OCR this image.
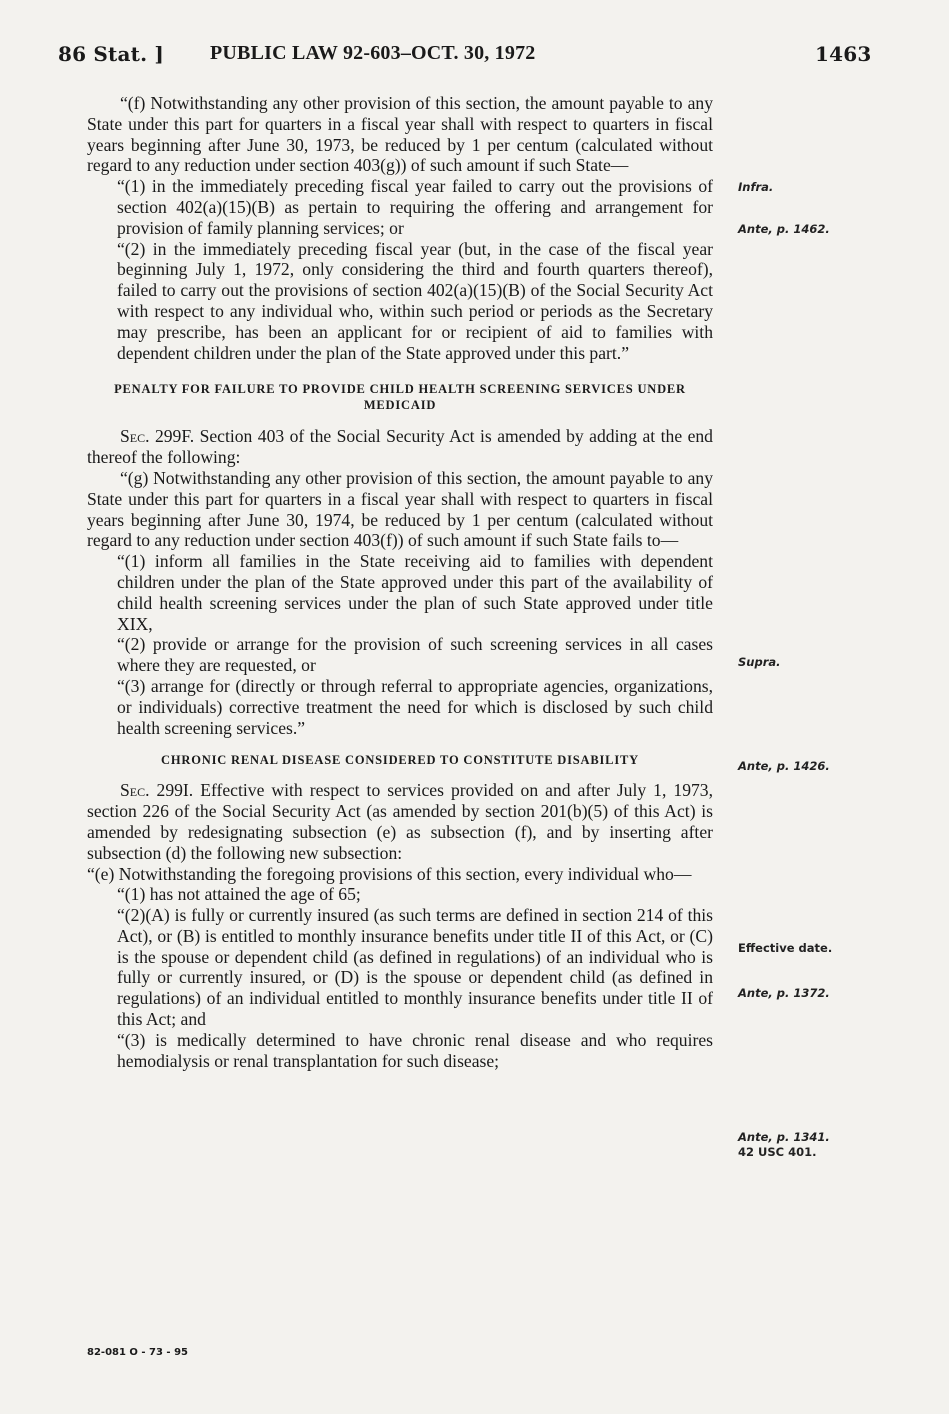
86 Stat. ] PUBLIC LAW 92-603–OCT. 30, 1972	1463

“(f) Notwithstanding any other provision of this section, the amount payable to any State under this part for quarters in a fiscal year shall with respect to quarters in fiscal years beginning after June 30, 1973, be reduced by 1 per centum (calculated without regard to any reduction under section 403(g)) of such amount if such State—

“(1) in the immediately preceding fiscal year failed to carry out the provisions of section 402(a)(15)(B) as pertain to requiring the offering and arrangement for provision of family planning services; or

“(2) in the immediately preceding fiscal year (but, in the case of the fiscal year beginning July 1, 1972, only considering the third and fourth quarters thereof), failed to carry out the provisions of section 402(a)(15)(B) of the Social Security Act with respect to any individual who, within such period or periods as the Secretary may prescribe, has been an applicant for or recipient of aid to families with dependent children under the plan of the State approved under this part.”

PENALTY FOR FAILURE TO PROVIDE CHILD HEALTH SCREENING SERVICES UNDER MEDICAID

Sec. 299F. Section 403 of the Social Security Act is amended by adding at the end thereof the following:

“(g) Notwithstanding any other provision of this section, the amount payable to any State under this part for quarters in a fiscal year shall with respect to quarters in fiscal years beginning after June 30, 1974, be reduced by 1 per centum (calculated without regard to any reduction under section 403(f)) of such amount if such State fails to—

“(1) inform all families in the State receiving aid to families with dependent children under the plan of the State approved under this part of the availability of child health screening services under the plan of such State approved under title XIX,

“(2) provide or arrange for the provision of such screening services in all cases where they are requested, or

“(3) arrange for (directly or through referral to appropriate agencies, organizations, or individuals) corrective treatment the need for which is disclosed by such child health screening services.”

CHRONIC RENAL DISEASE CONSIDERED TO CONSTITUTE DISABILITY

Sec. 299I. Effective with respect to services provided on and after July 1, 1973, section 226 of the Social Security Act (as amended by section 201(b)(5) of this Act) is amended by redesignating subsection (e) as subsection (f), and by inserting after subsection (d) the following new subsection:

“(e) Notwithstanding the foregoing provisions of this section, every individual who—

“(1) has not attained the age of 65;

“(2)(A) is fully or currently insured (as such terms are defined in section 214 of this Act), or (B) is entitled to monthly insurance benefits under title II of this Act, or (C) is the spouse or dependent child (as defined in regulations) of an individual who is fully or currently insured, or (D) is the spouse or dependent child (as defined in regulations) of an individual entitled to monthly insurance benefits under title II of this Act; and

“(3) is medically determined to have chronic renal disease and who requires hemodialysis or renal transplantation for such disease;

Infra.
Ante, p. 1462.
Supra.
Ante, p. 1426.
Effective date.
Ante, p. 1372.
Ante, p. 1341.
42 USC 401.
82-081 O - 73 - 95
